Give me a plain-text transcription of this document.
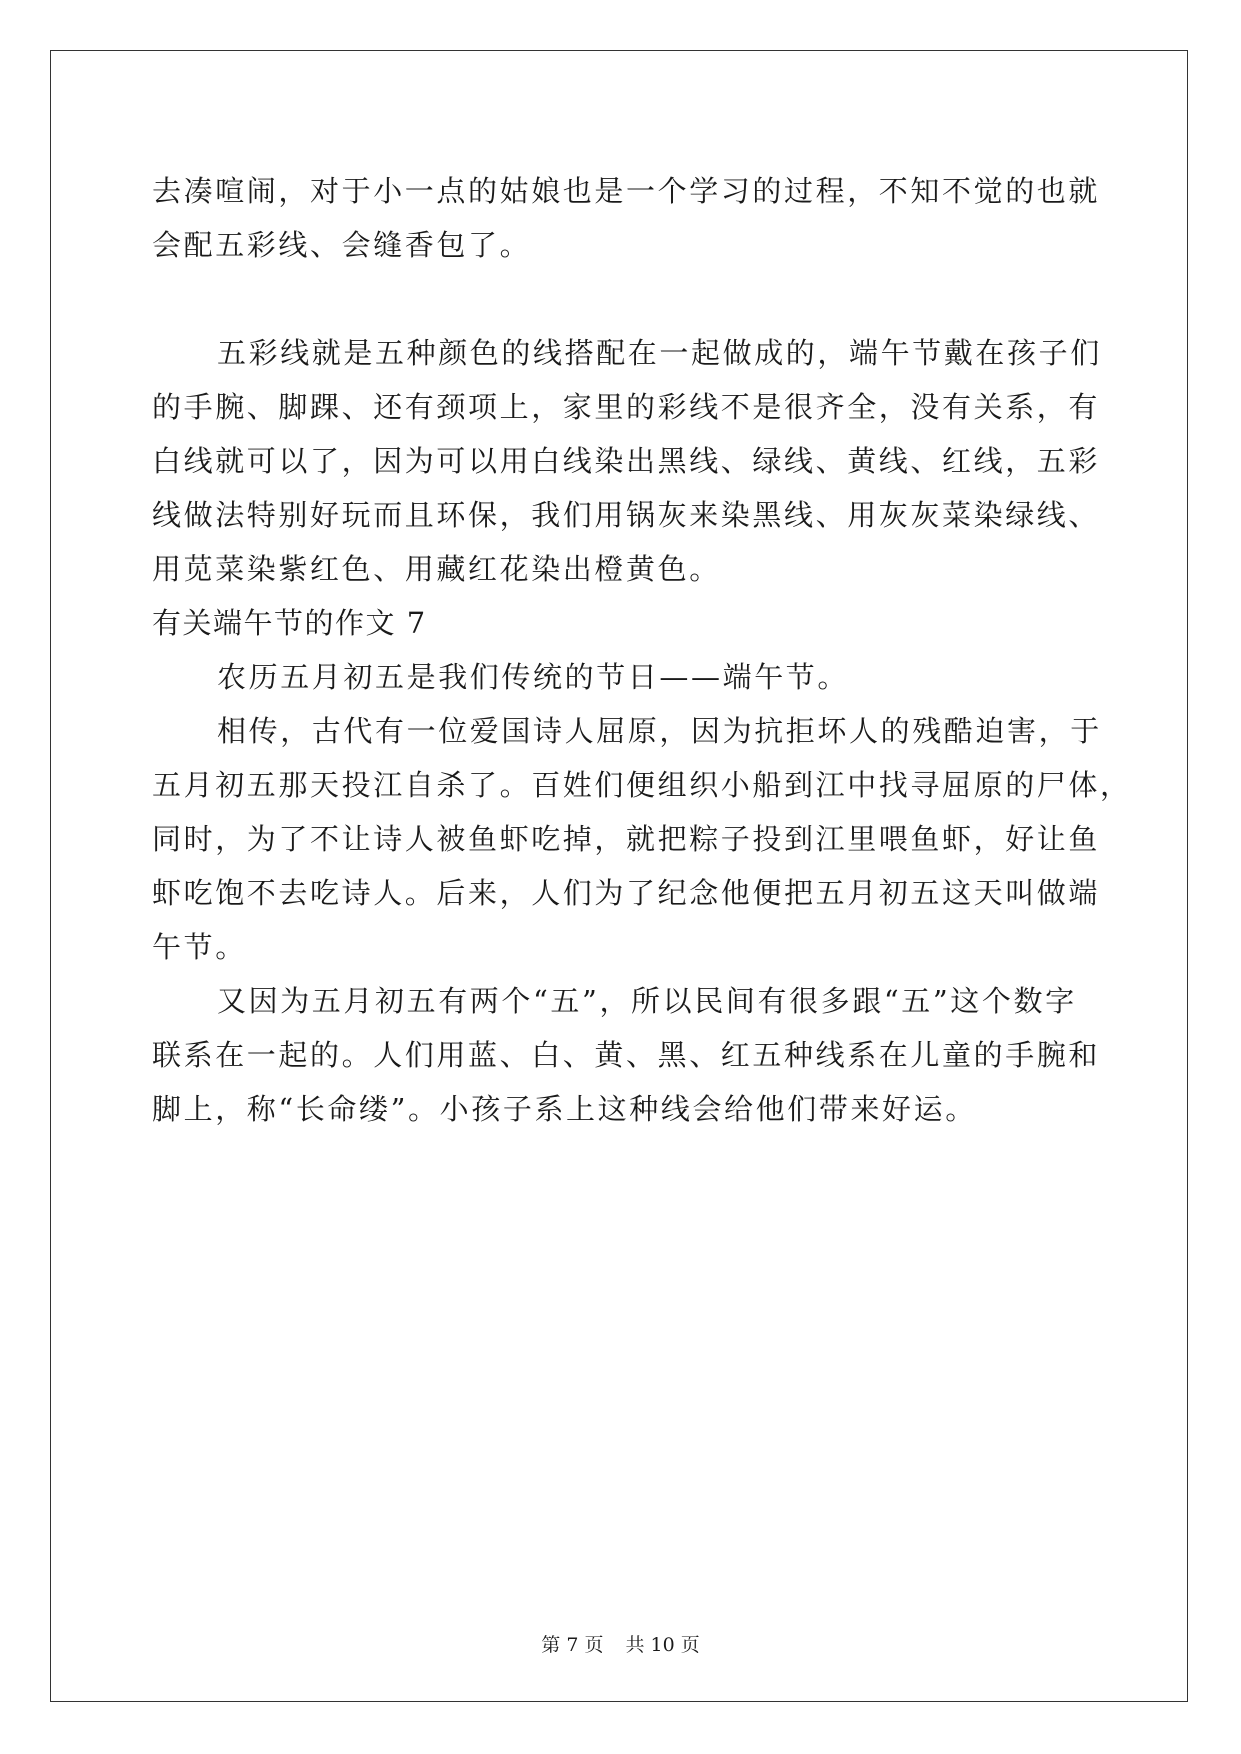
去凑喧闹，对于小一点的姑娘也是一个学习的过程，不知不觉的也就
会配五彩线、会缝香包了。
五彩线就是五种颜色的线搭配在一起做成的，端午节戴在孩子们
的手腕、脚踝、还有颈项上，家里的彩线不是很齐全，没有关系，有
白线就可以了，因为可以用白线染出黑线、绿线、黄线、红线，五彩
线做法特别好玩而且环保，我们用锅灰来染黑线、用灰灰菜染绿线、
用苋菜染紫红色、用藏红花染出橙黄色。
有关端午节的作文 7
农历五月初五是我们传统的节日——端午节。
相传，古代有一位爱国诗人屈原，因为抗拒坏人的残酷迫害，于
五月初五那天投江自杀了。百姓们便组织小船到江中找寻屈原的尸体，
同时，为了不让诗人被鱼虾吃掉，就把粽子投到江里喂鱼虾，好让鱼
虾吃饱不去吃诗人。后来，人们为了纪念他便把五月初五这天叫做端
午节。
又因为五月初五有两个“五”，所以民间有很多跟“五”这个数字
联系在一起的。人们用蓝、白、黄、黑、红五种线系在儿童的手腕和
脚上，称“长命缕”。小孩子系上这种线会给他们带来好运。
第 7 页 共 10 页
